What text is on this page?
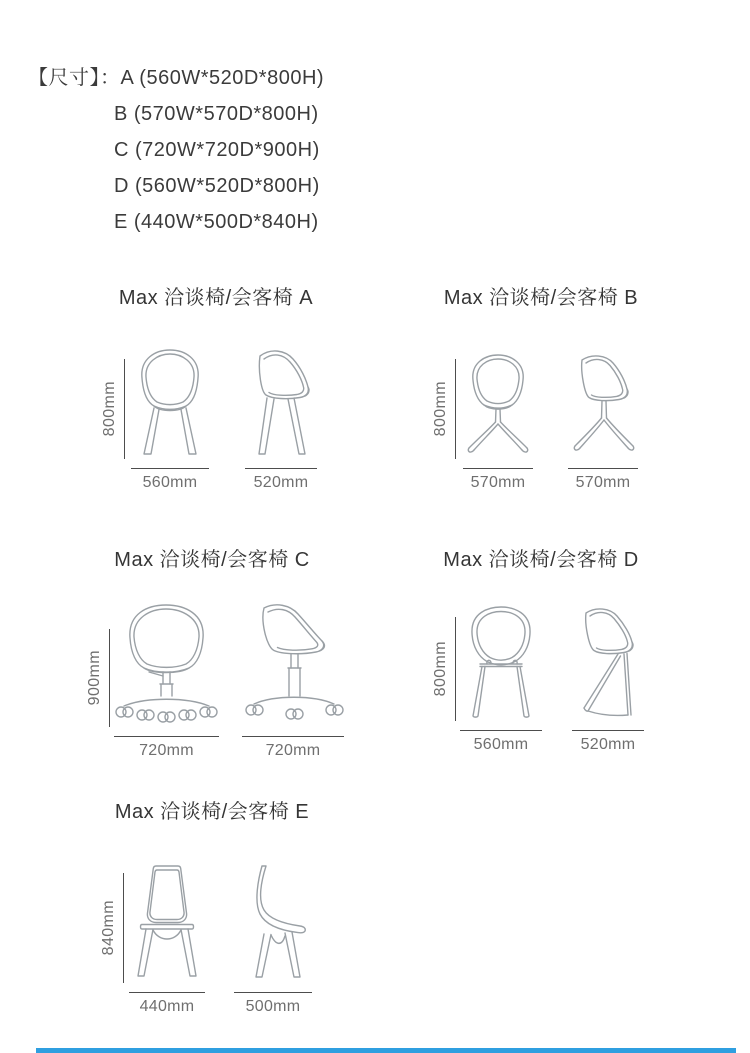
【尺寸】：A (560W*520D*800H)
B (570W*570D*800H)
C (720W*720D*900H)
D (560W*520D*800H)
E (440W*500D*840H)
Max 洽谈椅/会客椅 A
800mm
560mm	520mm
Max 洽谈椅/会客椅 B
800mm
570mm	570mm
Max 洽谈椅/会客椅 C
900mm
720mm	720mm
Max 洽谈椅/会客椅 D
800mm
560mm	520mm
Max 洽谈椅/会客椅 E
840mm
440mm	500mm
